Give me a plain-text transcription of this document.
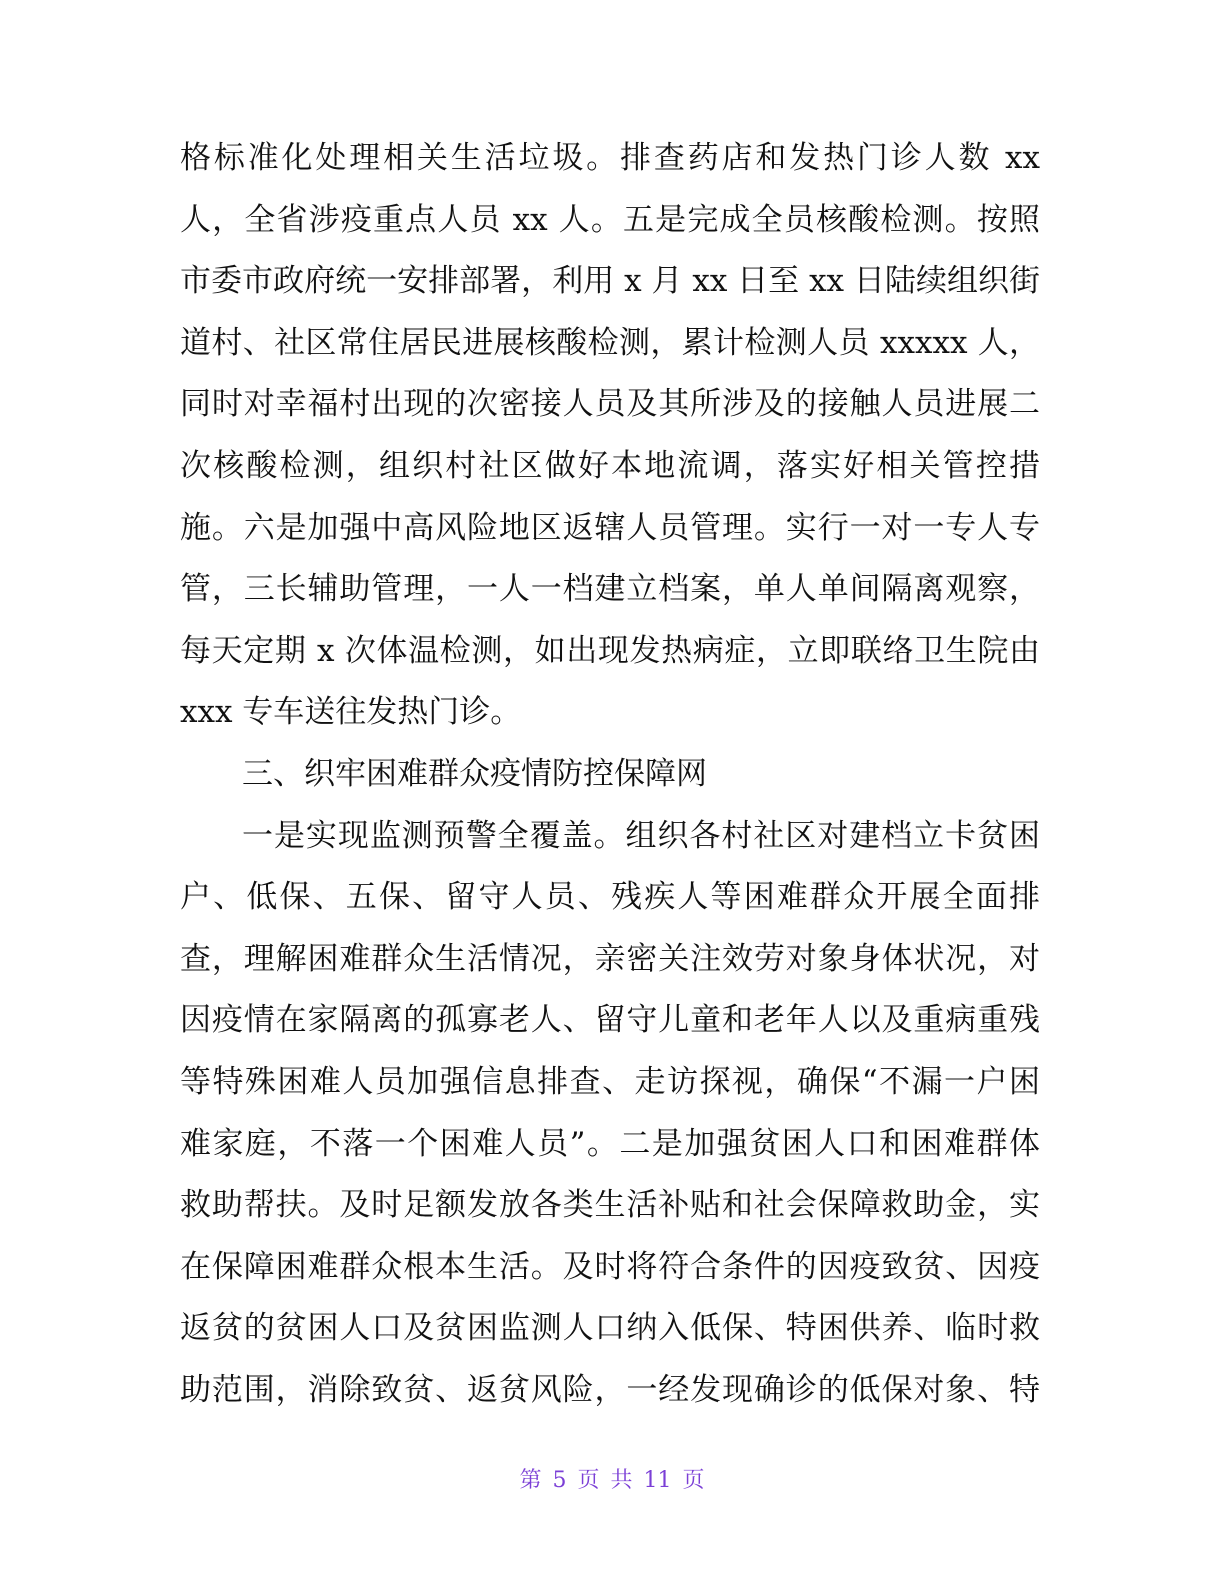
格标准化处理相关生活垃圾。排查药店和发热门诊人数 xx
人，全省涉疫重点人员 xx 人。五是完成全员核酸检测。按照
市委市政府统一安排部署，利用 x 月 xx 日至 xx 日陆续组织街
道村、社区常住居民进展核酸检测，累计检测人员 xxxxx 人，
同时对幸福村出现的次密接人员及其所涉及的接触人员进展二
次核酸检测，组织村社区做好本地流调，落实好相关管控措
施。六是加强中高风险地区返辖人员管理。实行一对一专人专
管，三长辅助管理，一人一档建立档案，单人单间隔离观察，
每天定期 x 次体温检测，如出现发热病症，立即联络卫生院由
xxx 专车送往发热门诊。
三、织牢困难群众疫情防控保障网
一是实现监测预警全覆盖。组织各村社区对建档立卡贫困
户、低保、五保、留守人员、残疾人等困难群众开展全面排
查，理解困难群众生活情况，亲密关注效劳对象身体状况，对
因疫情在家隔离的孤寡老人、留守儿童和老年人以及重病重残
等特殊困难人员加强信息排查、走访探视，确保“不漏一户困
难家庭，不落一个困难人员”。二是加强贫困人口和困难群体
救助帮扶。及时足额发放各类生活补贴和社会保障救助金，实
在保障困难群众根本生活。及时将符合条件的因疫致贫、因疫
返贫的贫困人口及贫困监测人口纳入低保、特困供养、临时救
助范围，消除致贫、返贫风险，一经发现确诊的低保对象、特
第 5 页 共 11 页
